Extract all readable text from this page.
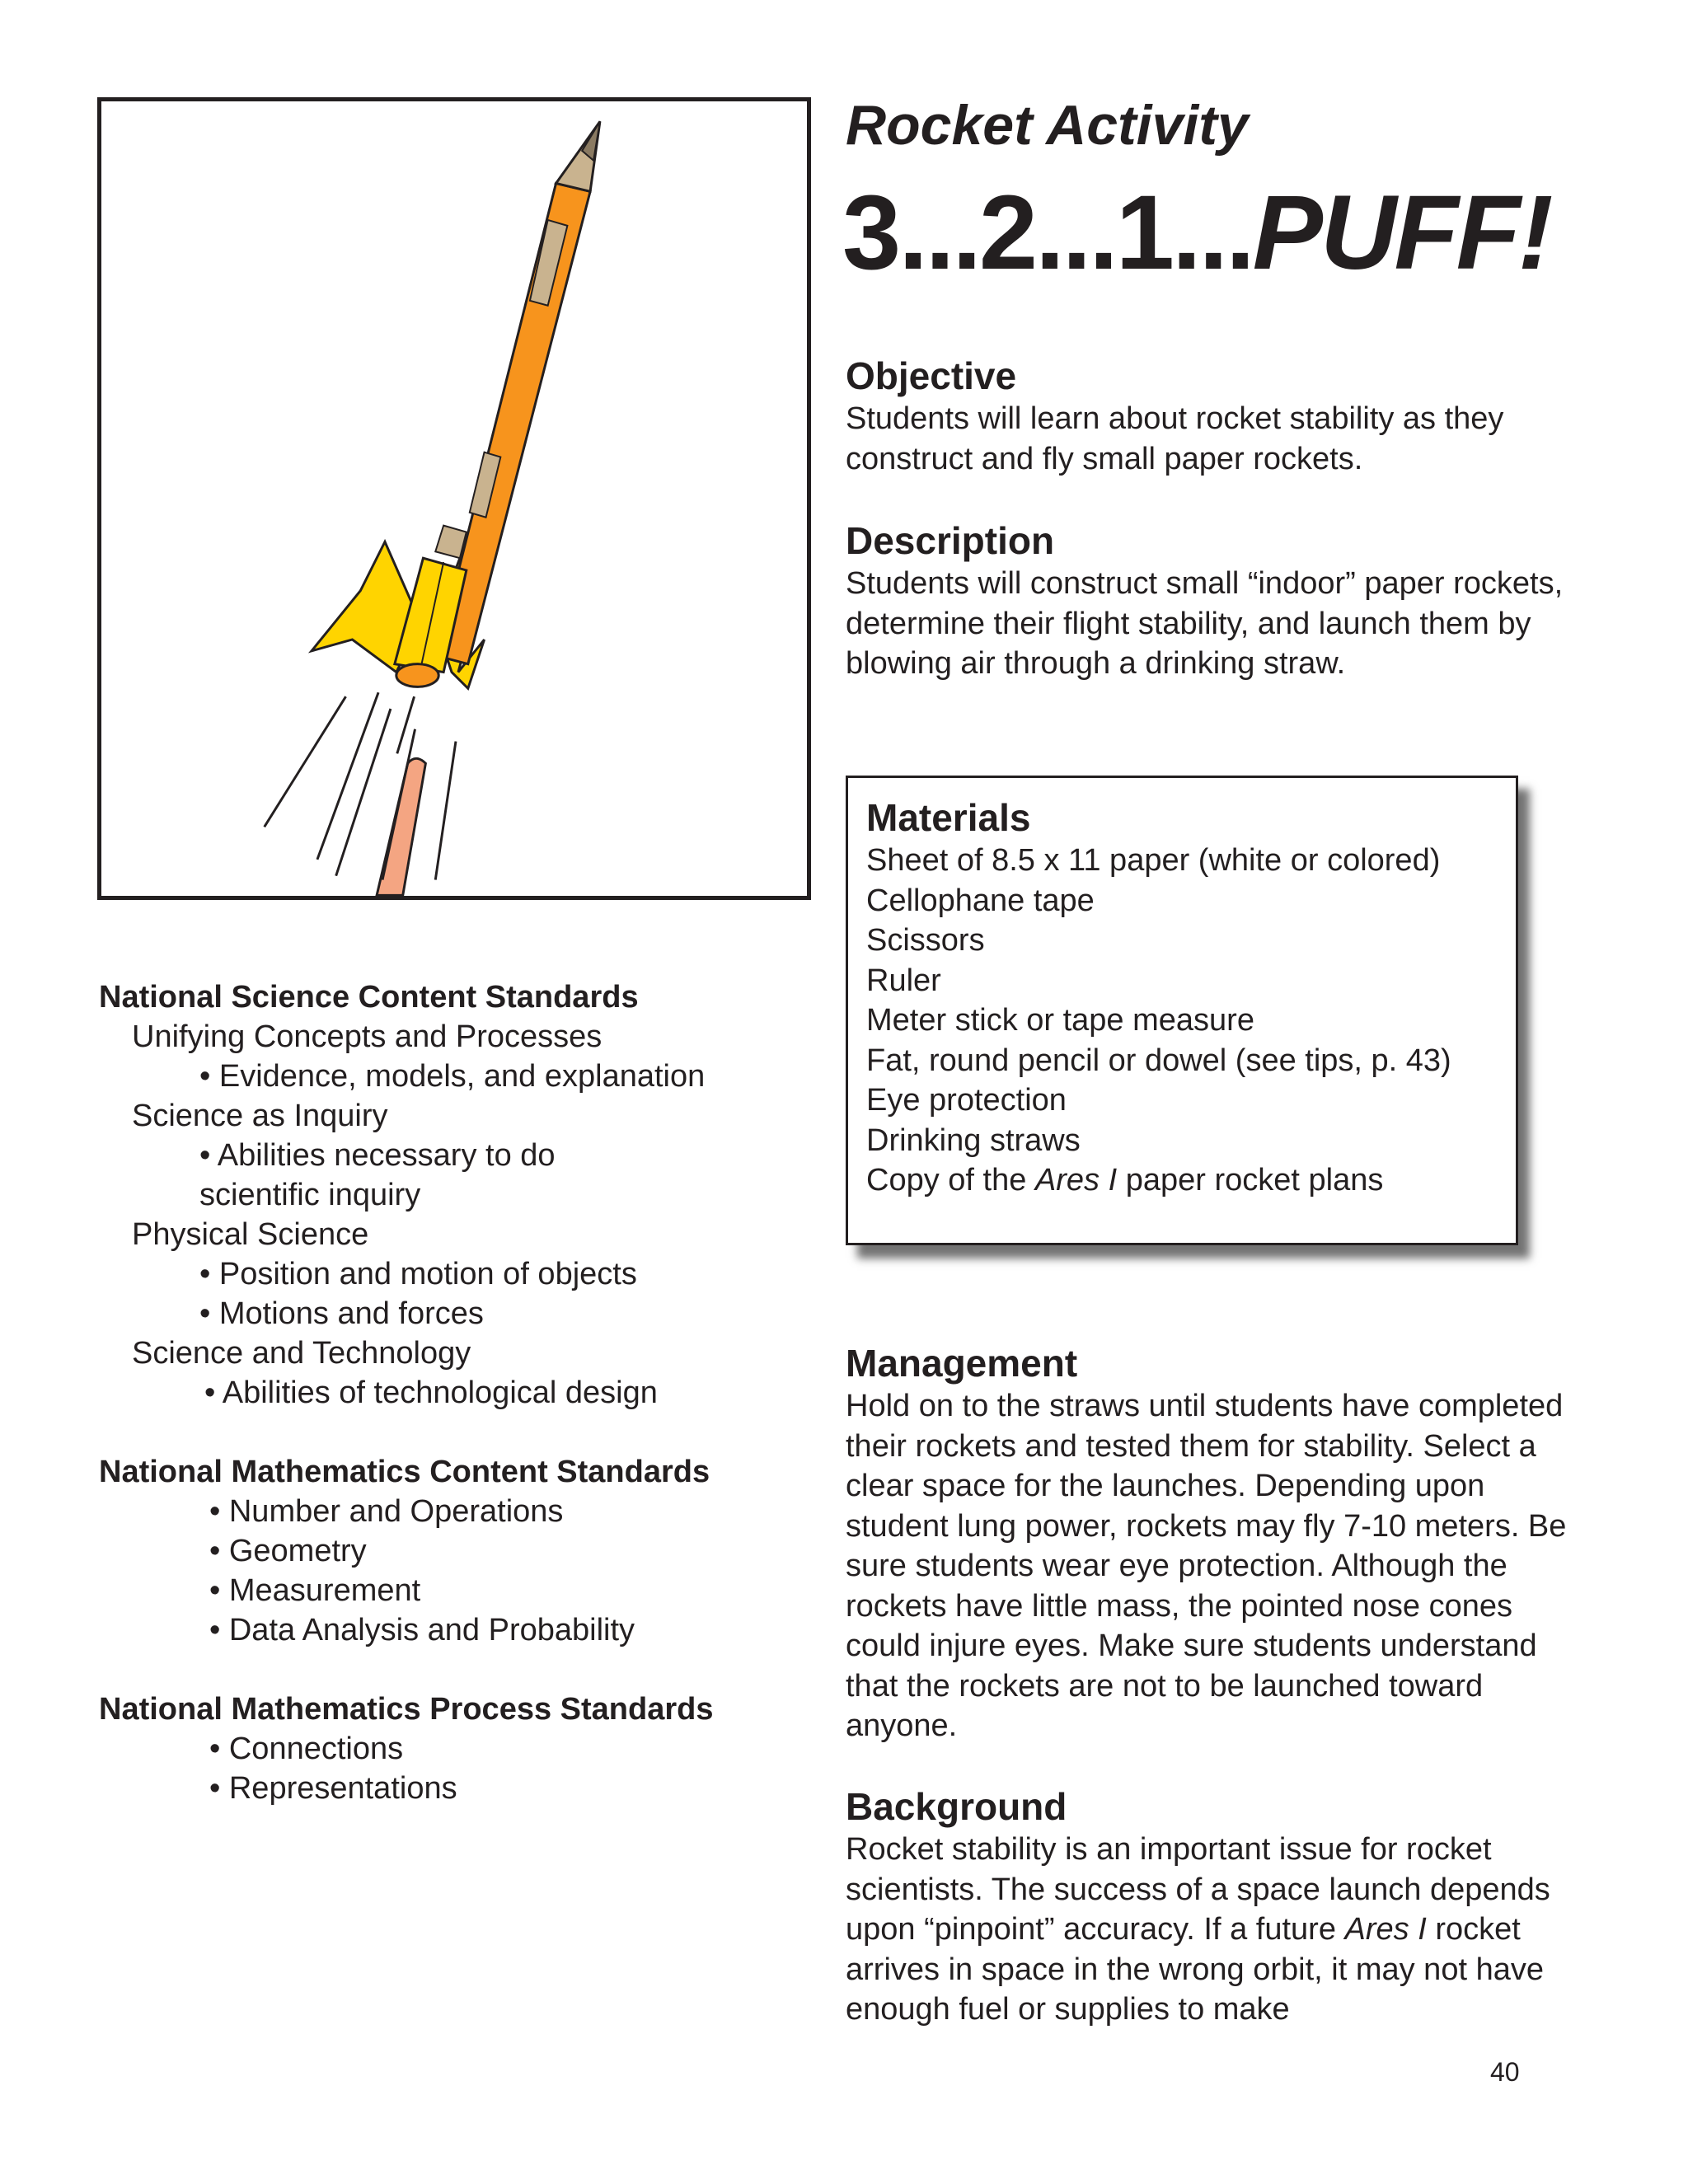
Rocket Activity
3...2...1...PUFF!
Objective

Students will learn about rocket stability as they construct and fly small paper rockets.

Description

Students will construct small “indoor” paper rockets, determine their flight stability, and launch them by blowing air through a drinking straw.

Materials
Sheet of 8.5 x 11 paper (white or colored)
Cellophane tape
Scissors
Ruler
Meter stick or tape measure
Fat, round pencil or dowel (see tips, p. 43)
Eye protection
Drinking straws
Copy of the Ares I paper rocket plans
Management

Hold on to the straws until students have completed their rockets and tested them for stability. Select a clear space for the launches. Depending upon student lung power, rockets may fly 7-10 meters. Be sure students wear eye protection. Although the rockets have little mass, the pointed nose cones could injure eyes. Make sure students understand that the rockets are not to be launched toward anyone.

Background

Rocket stability is an important issue for rocket scientists. The success of a space launch depends upon “pinpoint” accuracy. If a future Ares I rocket arrives in space in the wrong orbit, it may not have enough fuel or supplies to make

National Science Content Standards
Unifying Concepts and Processes
• Evidence, models, and explanation
Science as Inquiry
• Abilities necessary to do scientific inquiry
Physical Science
• Position and motion of objects
• Motions and forces
Science and Technology
• Abilities of technological design
National Mathematics Content Standards
• Number and Operations
• Geometry
• Measurement
• Data Analysis and Probability
National Mathematics Process Standards
• Connections
• Representations
40
